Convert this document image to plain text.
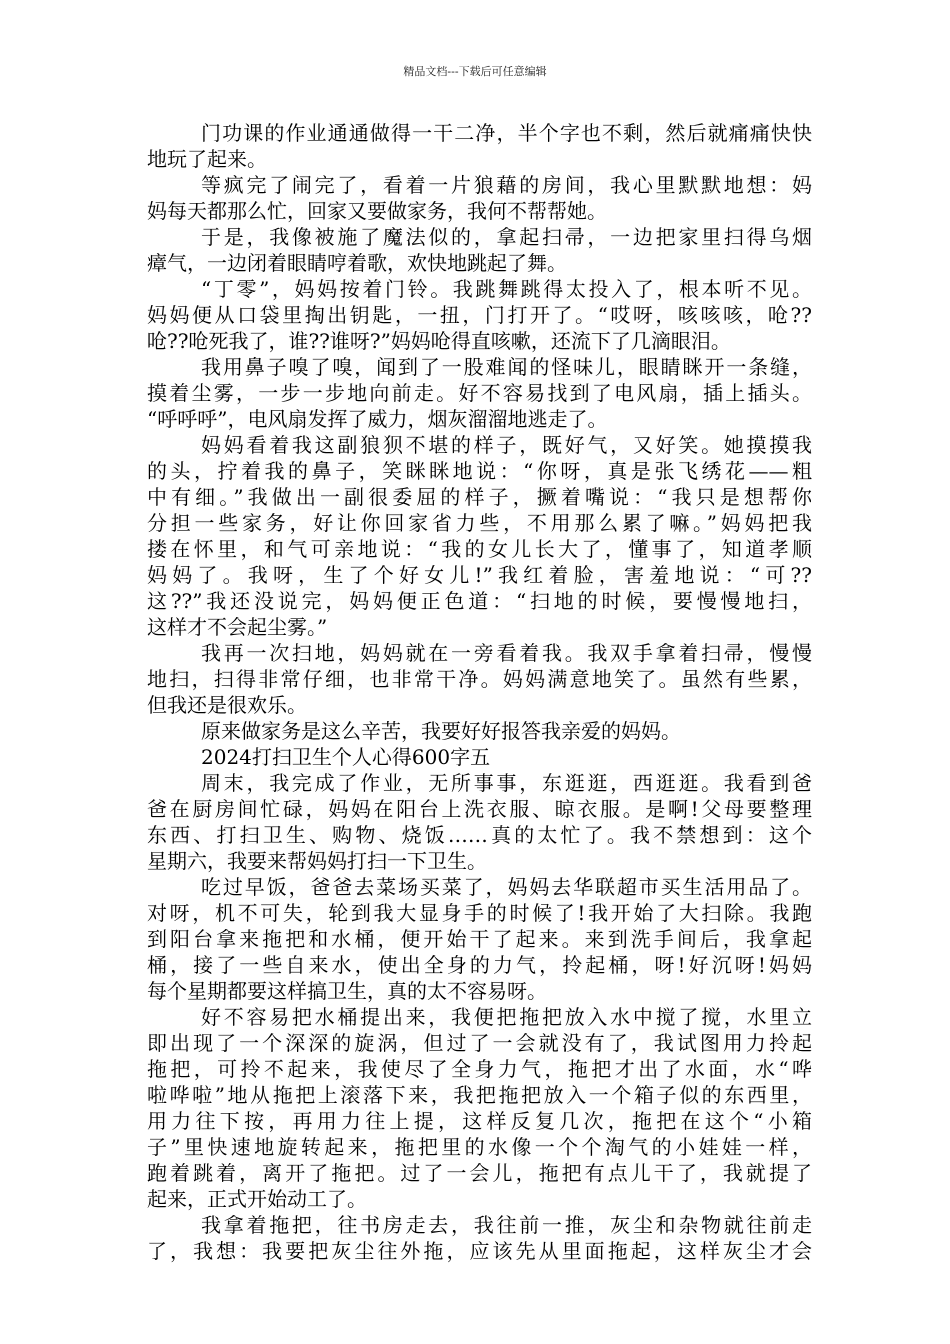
精品文档---下载后可任意编辑
门功课的作业通通做得一干二净，半个字也不剩，然后就痛痛快快
地玩了起来。
等疯完了闹完了，看着一片狼藉的房间，我心里默默地想：妈
妈每天都那么忙，回家又要做家务，我何不帮帮她。
于是，我像被施了魔法似的，拿起扫帚，一边把家里扫得乌烟
瘴气，一边闭着眼睛哼着歌，欢快地跳起了舞。
“丁零”，妈妈按着门铃。我跳舞跳得太投入了，根本听不见。
妈妈便从口袋里掏出钥匙，一扭，门打开了。“哎呀，咳咳咳，呛??
呛??呛死我了，谁??谁呀?”妈妈呛得直咳嗽，还流下了几滴眼泪。
我用鼻子嗅了嗅，闻到了一股难闻的怪味儿，眼睛眯开一条缝，
摸着尘雾，一步一步地向前走。好不容易找到了电风扇，插上插头。
“呼呼呼”，电风扇发挥了威力，烟灰溜溜地逃走了。
妈妈看着我这副狼狈不堪的样子，既好气，又好笑。她摸摸我
的头，拧着我的鼻子，笑眯眯地说：“你呀，真是张飞绣花——粗
中有细。”我做出一副很委屈的样子，撅着嘴说：“我只是想帮你
分担一些家务，好让你回家省力些，不用那么累了嘛。”妈妈把我
搂在怀里，和气可亲地说：“我的女儿长大了，懂事了，知道孝顺
妈妈了。我呀，生了个好女儿!”我红着脸，害羞地说：“可??
这??”我还没说完，妈妈便正色道：“扫地的时候，要慢慢地扫，
这样才不会起尘雾。”
我再一次扫地，妈妈就在一旁看着我。我双手拿着扫帚，慢慢
地扫，扫得非常仔细，也非常干净。妈妈满意地笑了。虽然有些累，
但我还是很欢乐。
原来做家务是这么辛苦，我要好好报答我亲爱的妈妈。
2024打扫卫生个人心得600字五
周末，我完成了作业，无所事事，东逛逛，西逛逛。我看到爸
爸在厨房间忙碌，妈妈在阳台上洗衣服、晾衣服。是啊!父母要整理
东西、打扫卫生、购物、烧饭……真的太忙了。我不禁想到：这个
星期六，我要来帮妈妈打扫一下卫生。
吃过早饭，爸爸去菜场买菜了，妈妈去华联超市买生活用品了。
对呀，机不可失，轮到我大显身手的时候了!我开始了大扫除。我跑
到阳台拿来拖把和水桶，便开始干了起来。来到洗手间后，我拿起
桶，接了一些自来水，使出全身的力气，拎起桶，呀!好沉呀!妈妈
每个星期都要这样搞卫生，真的太不容易呀。
好不容易把水桶提出来，我便把拖把放入水中搅了搅，水里立
即出现了一个深深的旋涡，但过了一会就没有了，我试图用力拎起
拖把，可拎不起来，我使尽了全身力气，拖把才出了水面，水“哗
啦哗啦”地从拖把上滚落下来，我把拖把放入一个箱子似的东西里，
用力往下按，再用力往上提，这样反复几次，拖把在这个“小箱
子”里快速地旋转起来，拖把里的水像一个个淘气的小娃娃一样，
跑着跳着，离开了拖把。过了一会儿，拖把有点儿干了，我就提了
起来，正式开始动工了。
我拿着拖把，往书房走去，我往前一推，灰尘和杂物就往前走
了，我想：我要把灰尘往外拖，应该先从里面拖起，这样灰尘才会
